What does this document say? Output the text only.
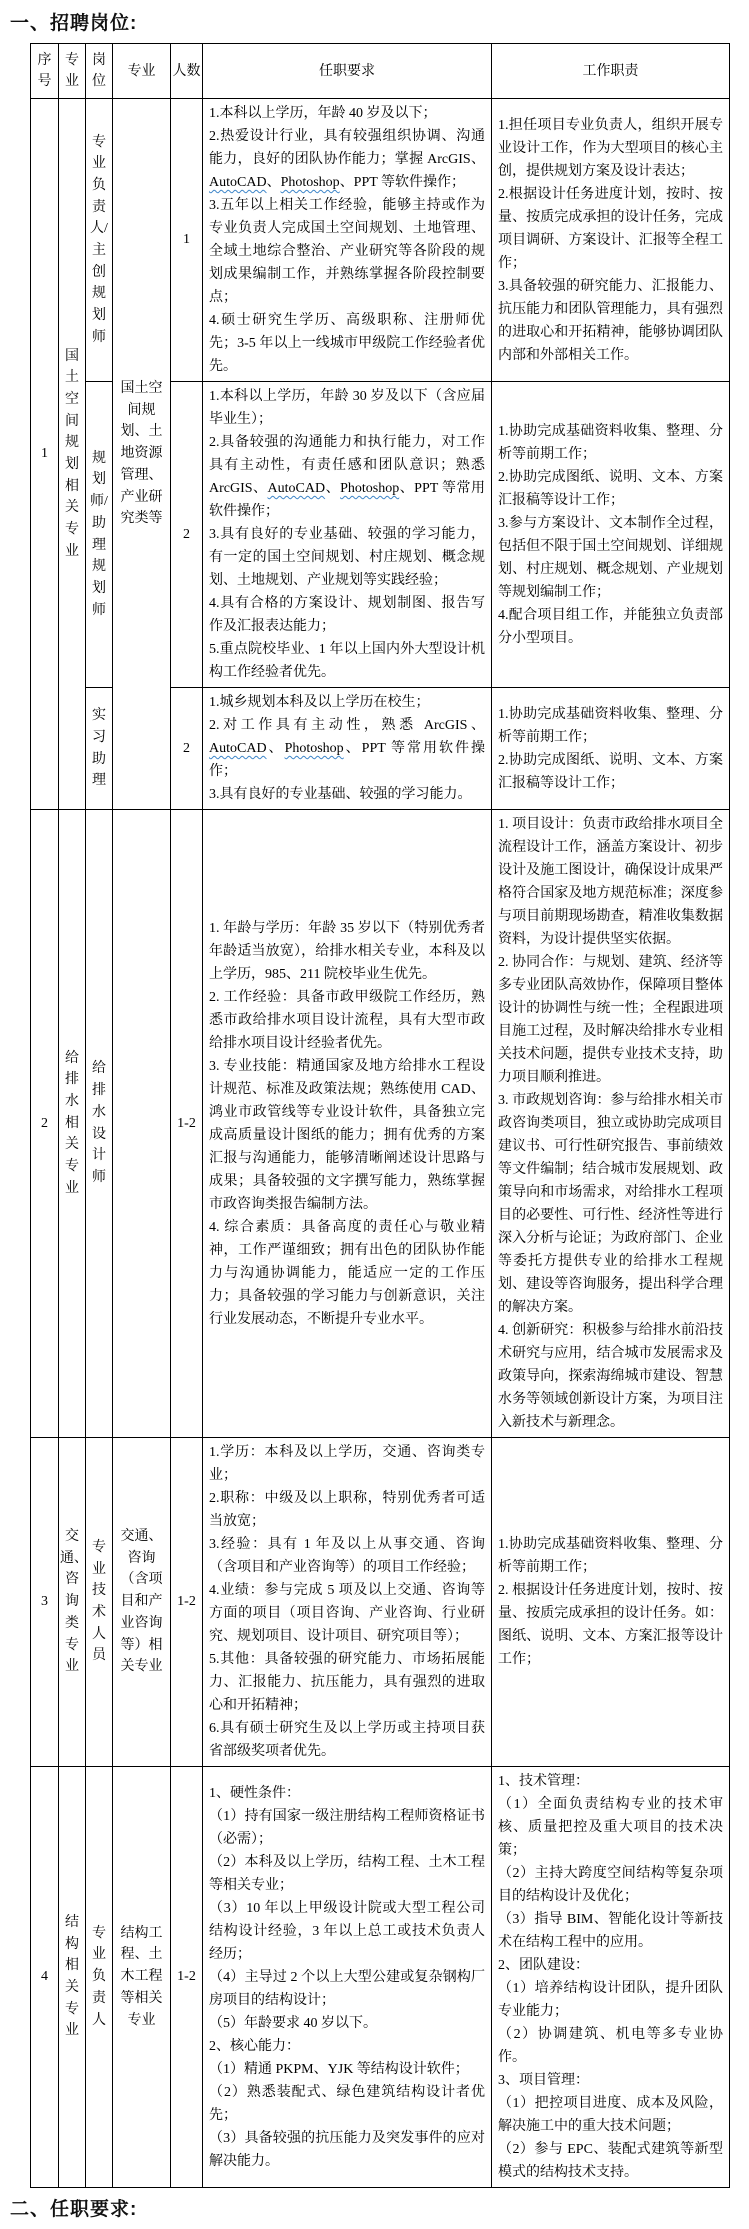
一、招聘岗位:
序号	专业	岗位	专业	人数	任职要求	工作职责
1	国土空间规划相关专业	专业负责人/主创规划师	国土空间规划、土地资源管理、产业研究类等	1	
1.本科以上学历，年龄 40 岁及以下；
2.热爱设计行业，具有较强组织协调、沟通能力，良好的团队协作能力；掌握 ArcGIS、AutoCAD、Photoshop、PPT 等软件操作；
3.五年以上相关工作经验，能够主持或作为专业负责人完成国土空间规划、土地管理、全域土地综合整治、产业研究等各阶段的规划成果编制工作，并熟练掌握各阶段控制要点；
4.硕士研究生学历、高级职称、注册师优先；3-5 年以上一线城市甲级院工作经验者优先。

1.担任项目专业负责人，组织开展专业设计工作，作为大型项目的核心主创，提供规划方案及设计表达；
2.根据设计任务进度计划，按时、按量、按质完成承担的设计任务，完成项目调研、方案设计、汇报等全程工作；
3.具备较强的研究能力、汇报能力、抗压能力和团队管理能力，具有强烈的进取心和开拓精神，能够协调团队内部和外部相关工作。

规划师/助理规划师	2	
1.本科以上学历，年龄 30 岁及以下（含应届毕业生）；
2.具备较强的沟通能力和执行能力，对工作具有主动性，有责任感和团队意识；熟悉 ArcGIS、AutoCAD、Photoshop、PPT 等常用软件操作；
3.具有良好的专业基础、较强的学习能力，有一定的国土空间规划、村庄规划、概念规划、土地规划、产业规划等实践经验；
4.具有合格的方案设计、规划制图、报告写作及汇报表达能力；
5.重点院校毕业、1 年以上国内外大型设计机构工作经验者优先。

1.协助完成基础资料收集、整理、分析等前期工作；
2.协助完成图纸、说明、文本、方案汇报稿等设计工作；
3.参与方案设计、文本制作全过程，包括但不限于国土空间规划、详细规划、村庄规划、概念规划、产业规划等规划编制工作；
4.配合项目组工作，并能独立负责部分小型项目。

实习助理	2	
1.城乡规划本科及以上学历在校生；
2.对工作具有主动性，熟悉 ArcGIS、AutoCAD、Photoshop、PPT 等常用软件操作；
3.具有良好的专业基础、较强的学习能力。

1.协助完成基础资料收集、整理、分析等前期工作；
2.协助完成图纸、说明、文本、方案汇报稿等设计工作；

2	给排水相关专业	给排水设计师		1-2	
1. 年龄与学历：年龄 35 岁以下（特别优秀者年龄适当放宽），给排水相关专业，本科及以上学历，985、211 院校毕业生优先。
2. 工作经验：具备市政甲级院工作经历，熟悉市政给排水项目设计流程，具有大型市政给排水项目设计经验者优先。
3. 专业技能：精通国家及地方给排水工程设计规范、标准及政策法规；熟练使用 CAD、鸿业市政管线等专业设计软件，具备独立完成高质量设计图纸的能力；拥有优秀的方案汇报与沟通能力，能够清晰阐述设计思路与成果；具备较强的文字撰写能力，熟练掌握市政咨询类报告编制方法。
4. 综合素质：具备高度的责任心与敬业精神，工作严谨细致；拥有出色的团队协作能力与沟通协调能力，能适应一定的工作压力；具备较强的学习能力与创新意识，关注行业发展动态，不断提升专业水平。

1. 项目设计：负责市政给排水项目全流程设计工作，涵盖方案设计、初步设计及施工图设计，确保设计成果严格符合国家及地方规范标准；深度参与项目前期现场勘查，精准收集数据资料，为设计提供坚实依据。
2. 协同合作：与规划、建筑、经济等多专业团队高效协作，保障项目整体设计的协调性与统一性；全程跟进项目施工过程，及时解决给排水专业相关技术问题，提供专业技术支持，助力项目顺利推进。
3. 市政规划咨询：参与给排水相关市政咨询类项目，独立或协助完成项目建议书、可行性研究报告、事前绩效等文件编制；结合城市发展规划、政策导向和市场需求，对给排水工程项目的必要性、可行性、经济性等进行深入分析与论证；为政府部门、企业等委托方提供专业的给排水工程规划、建设等咨询服务，提出科学合理的解决方案。
4. 创新研究：积极参与给排水前沿技术研究与应用，结合城市发展需求及政策导向，探索海绵城市建设、智慧水务等领域创新设计方案，为项目注入新技术与新理念。

3	交通、咨询类专业	专业技术人员	交通、咨询（含项目和产业咨询等）相关专业	1-2	
1.学历：本科及以上学历，交通、咨询类专业；
2.职称：中级及以上职称，特别优秀者可适当放宽；
3.经验：具有 1 年及以上从事交通、咨询（含项目和产业咨询等）的项目工作经验；
4.业绩：参与完成 5 项及以上交通、咨询等方面的项目（项目咨询、产业咨询、行业研究、规划项目、设计项目、研究项目等）；
5.其他：具备较强的研究能力、市场拓展能力、汇报能力、抗压能力，具有强烈的进取心和开拓精神；
6.具有硕士研究生及以上学历或主持项目获省部级奖项者优先。

1.协助完成基础资料收集、整理、分析等前期工作；
2. 根据设计任务进度计划，按时、按量、按质完成承担的设计任务。如：图纸、说明、文本、方案汇报等设计工作；

4	结构相关专业	专业负责人	结构工程、土木工程等相关专业	1-2	
1、硬性条件：
（1）持有国家一级注册结构工程师资格证书（必需）；
（2）本科及以上学历，结构工程、土木工程等相关专业；
（3）10 年以上甲级设计院或大型工程公司结构设计经验，3 年以上总工或技术负责人经历；
（4）主导过 2 个以上大型公建或复杂钢构厂房项目的结构设计；
（5）年龄要求 40 岁以下。
2、核心能力：
（1）精通 PKPM、YJK 等结构设计软件；
（2）熟悉装配式、绿色建筑结构设计者优先；
（3）具备较强的抗压能力及突发事件的应对解决能力。

1、技术管理：
（1）全面负责结构专业的技术审核、质量把控及重大项目的技术决策；
（2）主持大跨度空间结构等复杂项目的结构设计及优化；
（3）指导 BIM、智能化设计等新技术在结构工程中的应用。
2、团队建设：
（1）培养结构设计团队，提升团队专业能力；
（2）协调建筑、机电等多专业协作。
3、项目管理：
（1）把控项目进度、成本及风险，解决施工中的重大技术问题；
（2）参与 EPC、装配式建筑等新型模式的结构技术支持。
二、任职要求:
